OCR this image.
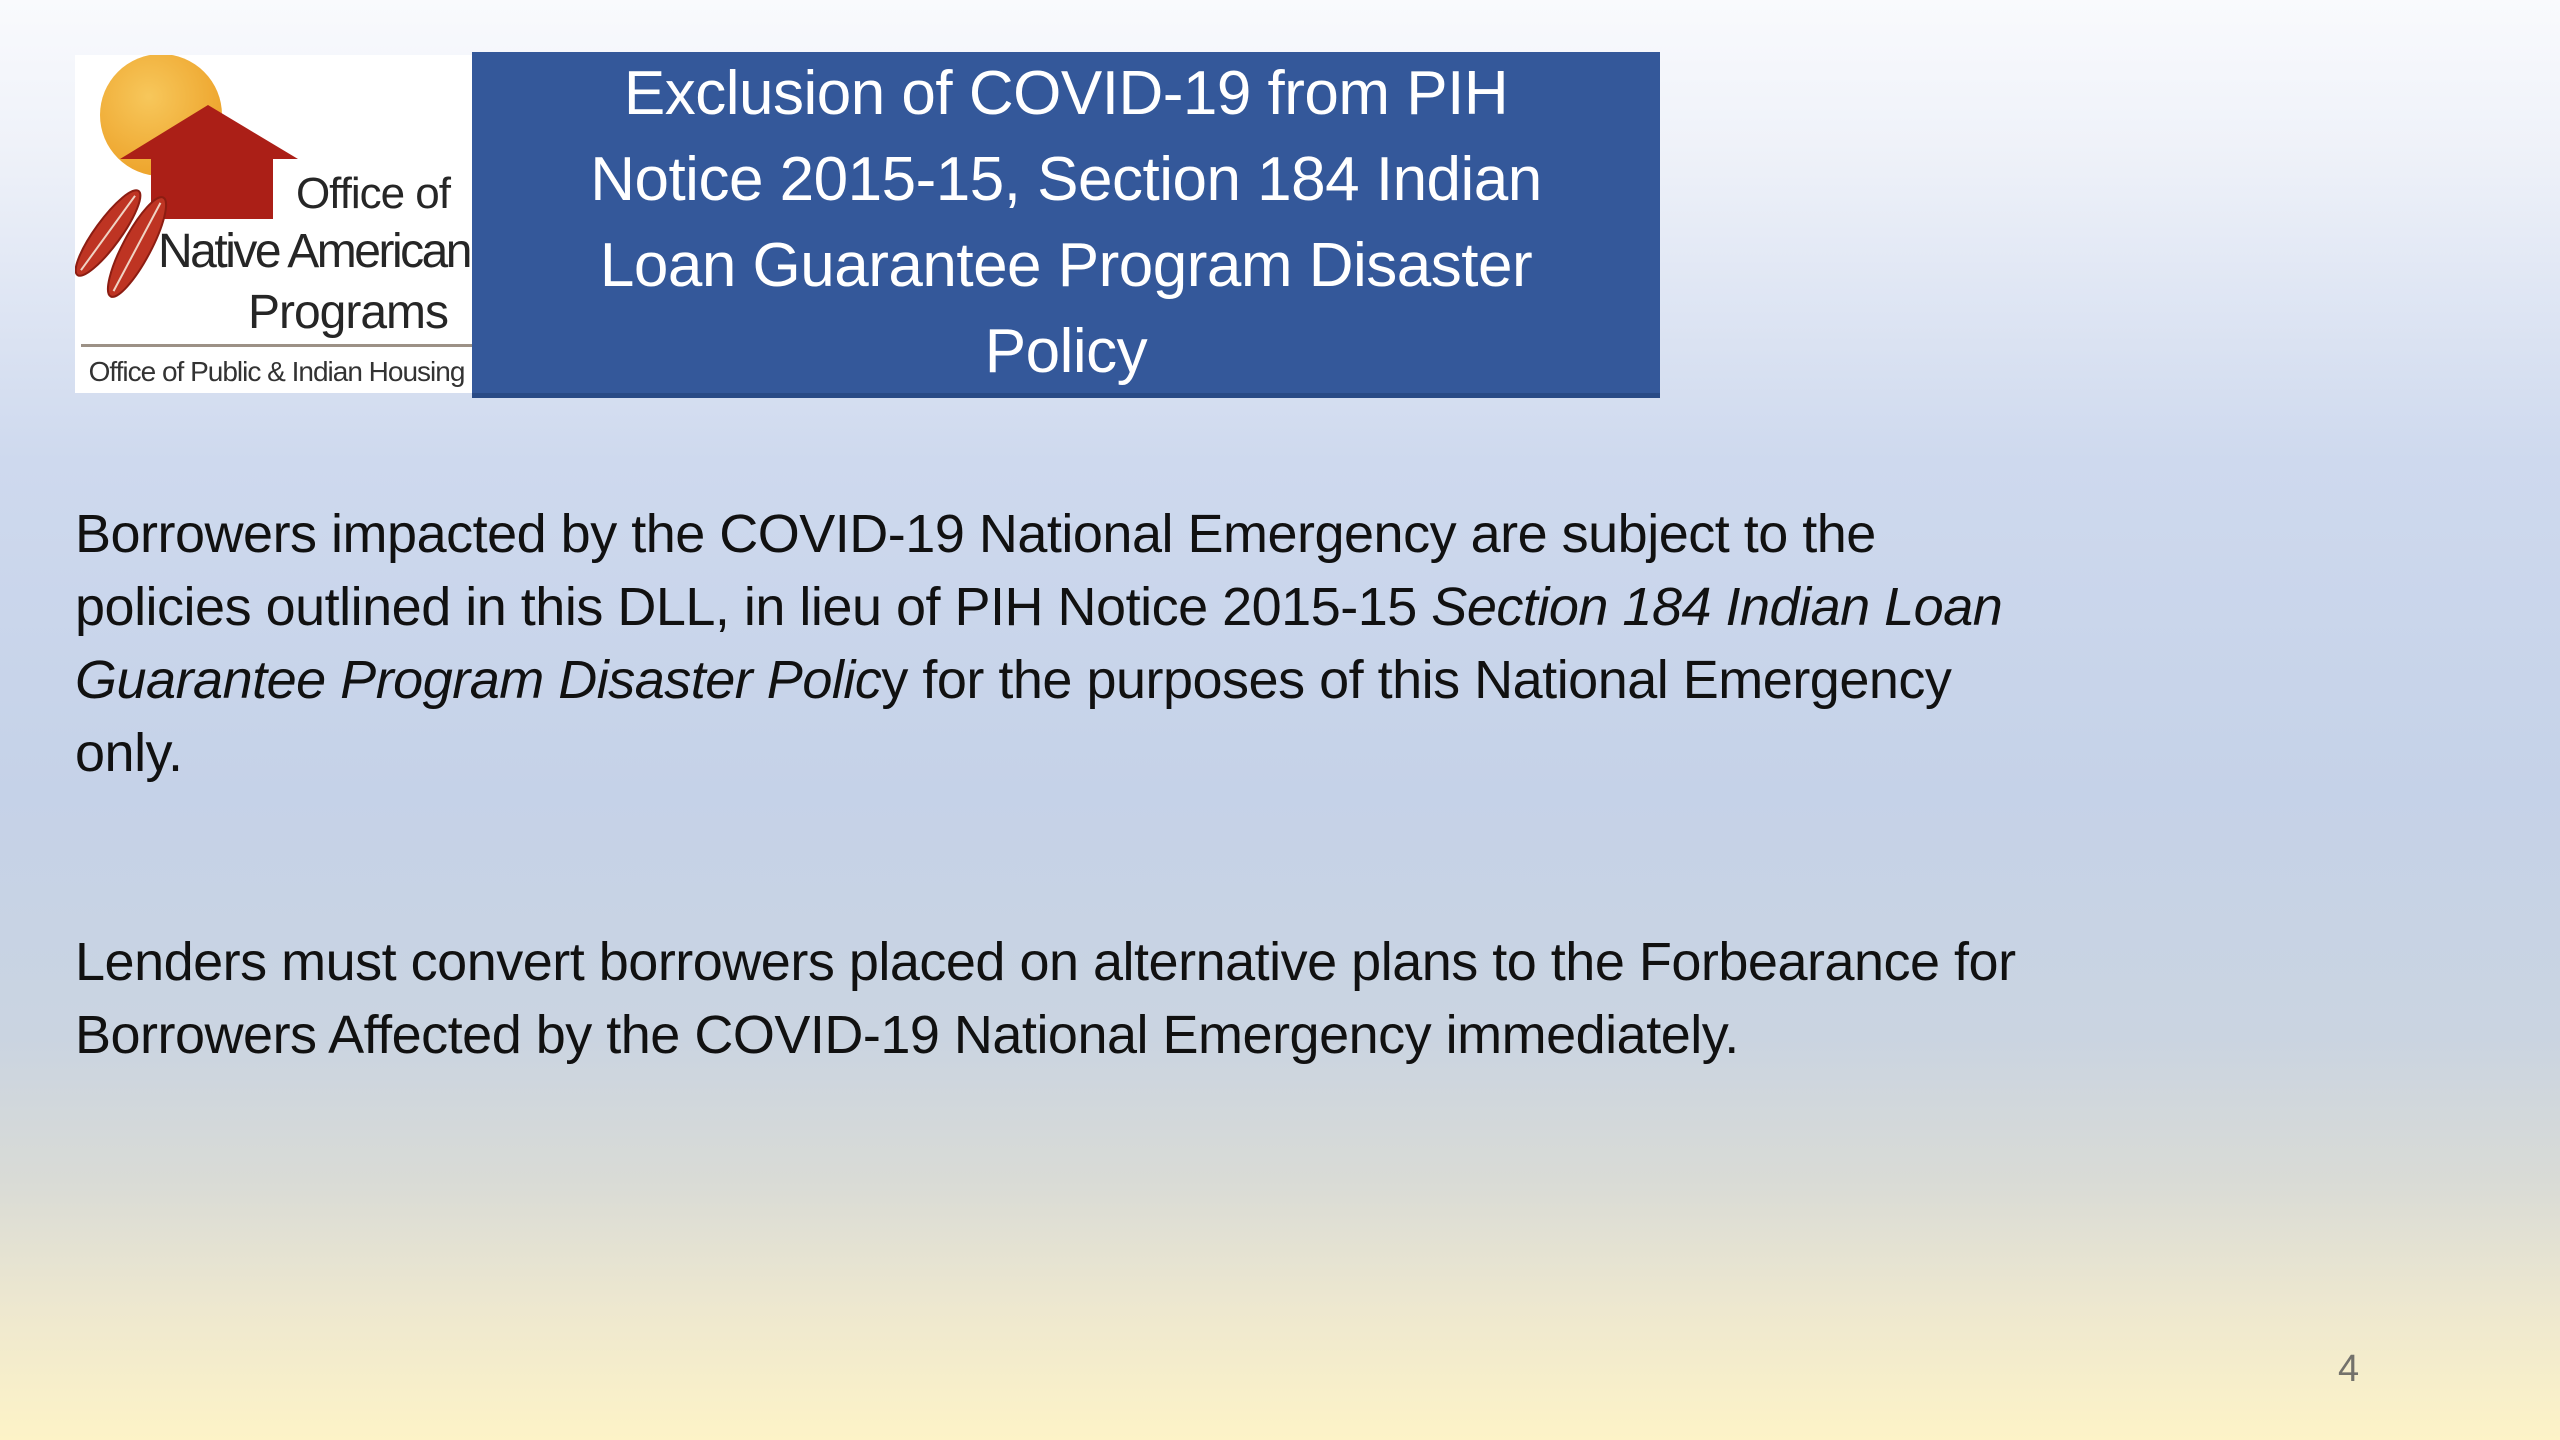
Office of
Native American
Programs
Office of Public & Indian Housing
Exclusion of COVID-19 from PIH
Notice 2015-15, Section 184 Indian
Loan Guarantee Program Disaster
Policy
Borrowers impacted by the COVID-19 National Emergency are subject to the
policies outlined in this DLL, in lieu of PIH Notice 2015-15 Section 184 Indian Loan
Guarantee Program Disaster Policy for the purposes of this National Emergency
only.
Lenders must convert borrowers placed on alternative plans to the Forbearance for
Borrowers Affected by the COVID-19 National Emergency immediately.
4
